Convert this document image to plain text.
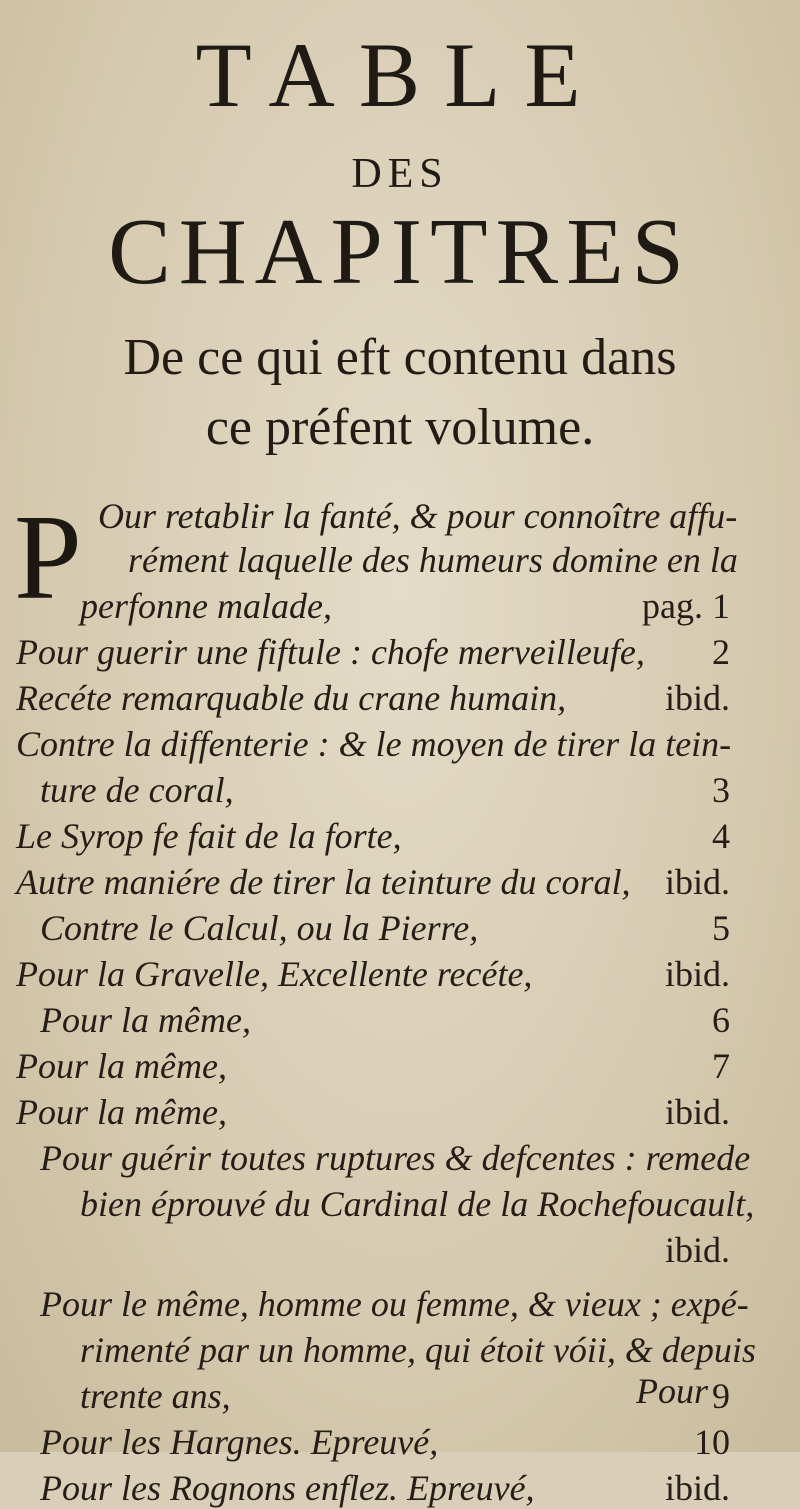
TABLE
DES
CHAPITRES
De ce qui eft contenu dans
ce préfent volume.
P Our retablir la fanté, & pour connoître affu-
rément laquelle des humeurs domine en la
perfonne malade,	pag. 1
Pour guerir une fiftule : chofe merveilleufe, 2
Recéte remarquable du crane humain,	ibid.
Contre la diffenterie : & le moyen de tirer la tein-
ture de coral,	3
Le Syrop fe fait de la forte,	4
Autre maniére de tirer la teinture du coral, ibid.
Contre le Calcul, ou la Pierre,	5
Pour la Gravelle, Excellente recéte,	ibid.
Pour la même,	6
Pour la même,	7
Pour la même,	ibid.
Pour guérir toutes ruptures & defcentes : remede
bien éprouvé du Cardinal de la Rochefoucault,
ibid.
Pour le même, homme ou femme, & vieux ; expé-
rimenté par un homme, qui étoit vóii, & depuis
trente ans,	9
Pour les Hargnes. Epreuvé,	10
Pour les Rognons enflez. Epreuvé,	ibid.
Pour
